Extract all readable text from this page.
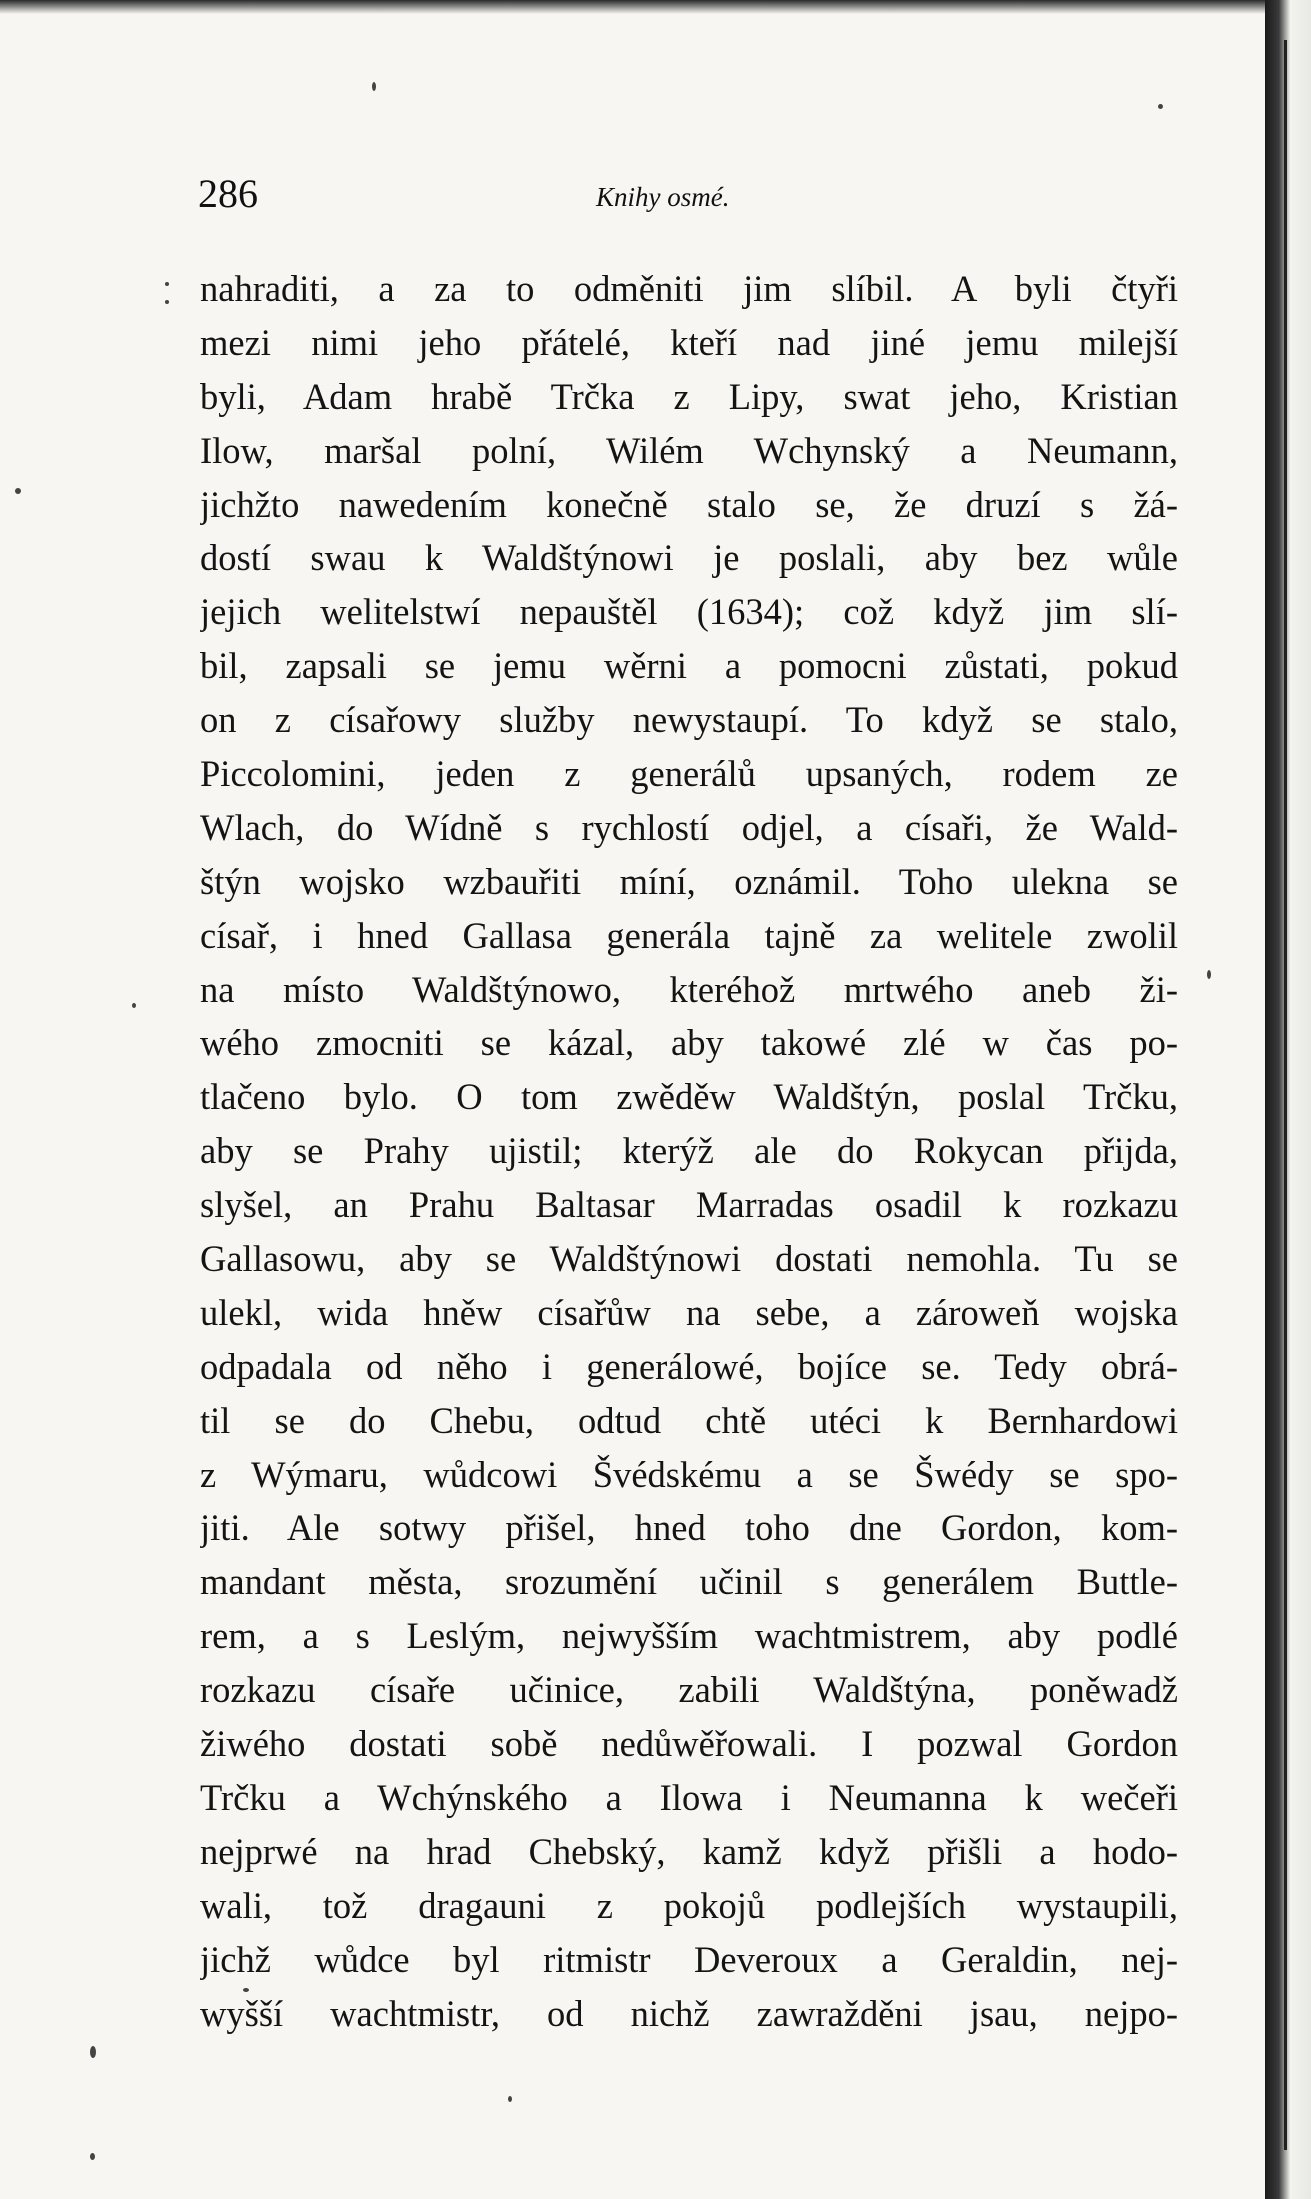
286	Knihy osmé.
nahraditi, a za to odměniti jim slíbil. A byli čtyři
mezi nimi jeho přátelé, kteří nad jiné jemu milejší
byli, Adam hrabě Trčka z Lipy, swat jeho, Kristian
Ilow, maršal polní, Wilém Wchynský a Neumann,
jichžto nawedením konečně stalo se, že druzí s žá-
dostí swau k Waldštýnowi je poslali, aby bez wůle
jejich welitelstwí nepauštěl (1634); což když jim slí-
bil, zapsali se jemu wěrni a pomocni zůstati, pokud
on z císařowy služby newystaupí. To když se stalo,
Piccolomini, jeden z generálů upsaných, rodem ze
Wlach, do Wídně s rychlostí odjel, a císaři, že Wald-
štýn wojsko wzbauřiti míní, oznámil. Toho ulekna se
císař, i hned Gallasa generála tajně za welitele zwolil
na místo Waldštýnowo, kteréhož mrtwého aneb ži-
wého zmocniti se kázal, aby takowé zlé w čas po-
tlačeno bylo. O tom zwěděw Waldštýn, poslal Trčku,
aby se Prahy ujistil; kterýž ale do Rokycan přijda,
slyšel, an Prahu Baltasar Marradas osadil k rozkazu
Gallasowu, aby se Waldštýnowi dostati nemohla. Tu se
ulekl, wida hněw císařůw na sebe, a zároweň wojska
odpadala od něho i generálowé, bojíce se. Tedy obrá-
til se do Chebu, odtud chtě utéci k Bernhardowi
z Wýmaru, wůdcowi Švédskému a se Šwédy se spo-
jiti. Ale sotwy přišel, hned toho dne Gordon, kom-
mandant města, srozumění učinil s generálem Buttle-
rem, a s Leslým, nejwyšším wachtmistrem, aby podlé
rozkazu císaře učinice, zabili Waldštýna, poněwadž
žiwého dostati sobě nedůwěřowali. I pozwal Gordon
Trčku a Wchýnského a Ilowa i Neumanna k wečeři
nejprwé na hrad Chebský, kamž když přišli a hodo-
wali, tož dragauni z pokojů podlejších wystaupili,
jichž wůdce byl ritmistr Deveroux a Geraldin, nej-
wyšší wachtmistr, od nichž zawražděni jsau, nejpo-
